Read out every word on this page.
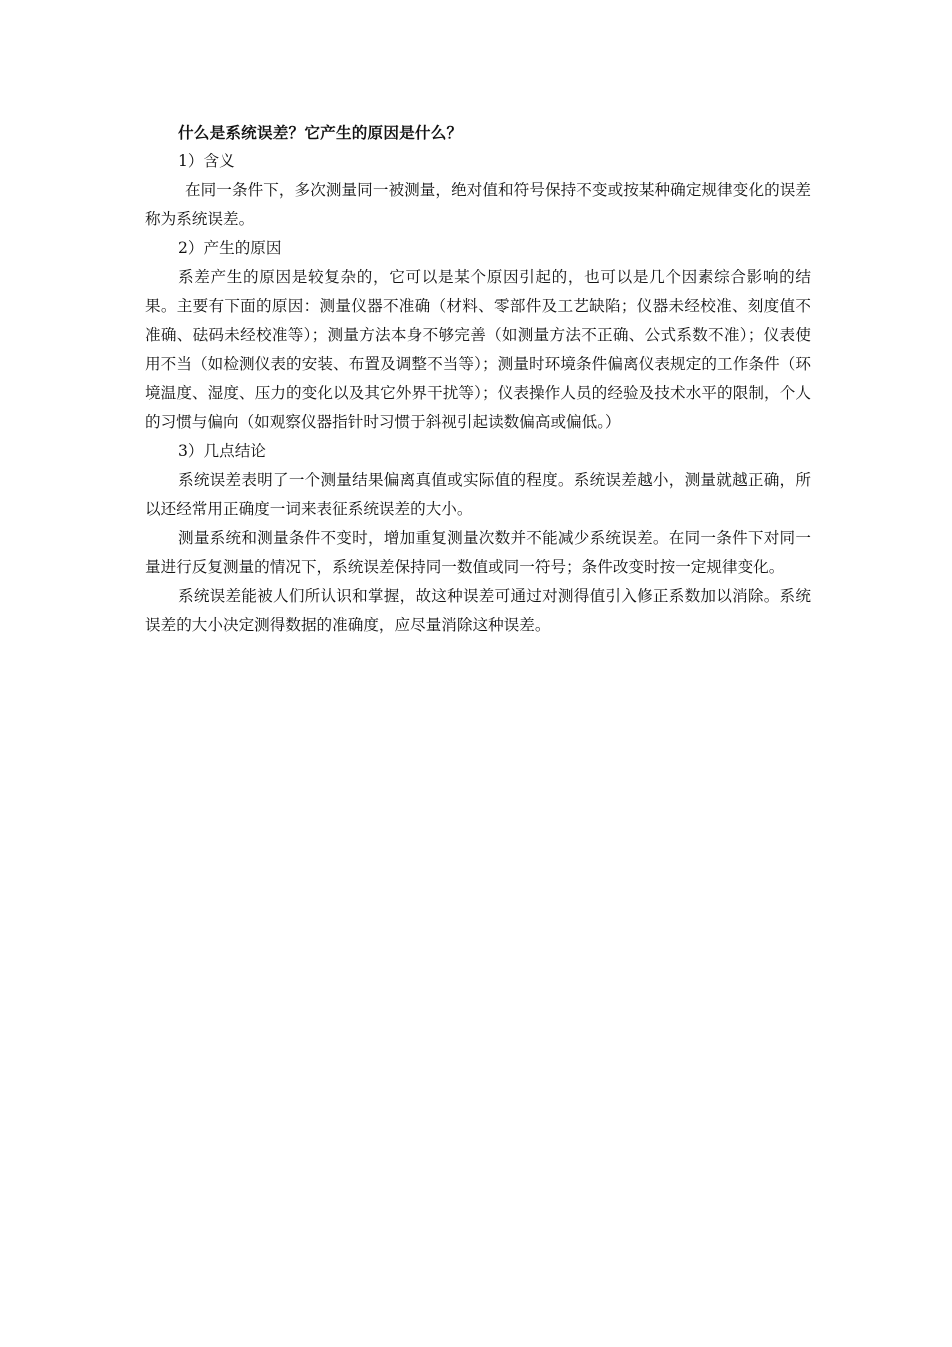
什么是系统误差？它产生的原因是什么？

1）含义

在同一条件下，多次测量同一被测量，绝对值和符号保持不变或按某种确定规律变化的误差称为系统误差。

2）产生的原因

系差产生的原因是较复杂的，它可以是某个原因引起的，也可以是几个因素综合影响的结果。主要有下面的原因：测量仪器不准确（材料、零部件及工艺缺陷；仪器未经校准、刻度值不准确、砝码未经校准等）；测量方法本身不够完善（如测量方法不正确、公式系数不准）；仪表使用不当（如检测仪表的安装、布置及调整不当等）；测量时环境条件偏离仪表规定的工作条件（环境温度、湿度、压力的变化以及其它外界干扰等）；仪表操作人员的经验及技术水平的限制，个人的习惯与偏向（如观察仪器指针时习惯于斜视引起读数偏高或偏低。）

3）几点结论

系统误差表明了一个测量结果偏离真值或实际值的程度。系统误差越小，测量就越正确，所以还经常用正确度一词来表征系统误差的大小。

测量系统和测量条件不变时，增加重复测量次数并不能减少系统误差。在同一条件下对同一量进行反复测量的情况下，系统误差保持同一数值或同一符号；条件改变时按一定规律变化。

系统误差能被人们所认识和掌握，故这种误差可通过对测得值引入修正系数加以消除。系统误差的大小决定测得数据的准确度，应尽量消除这种误差。
